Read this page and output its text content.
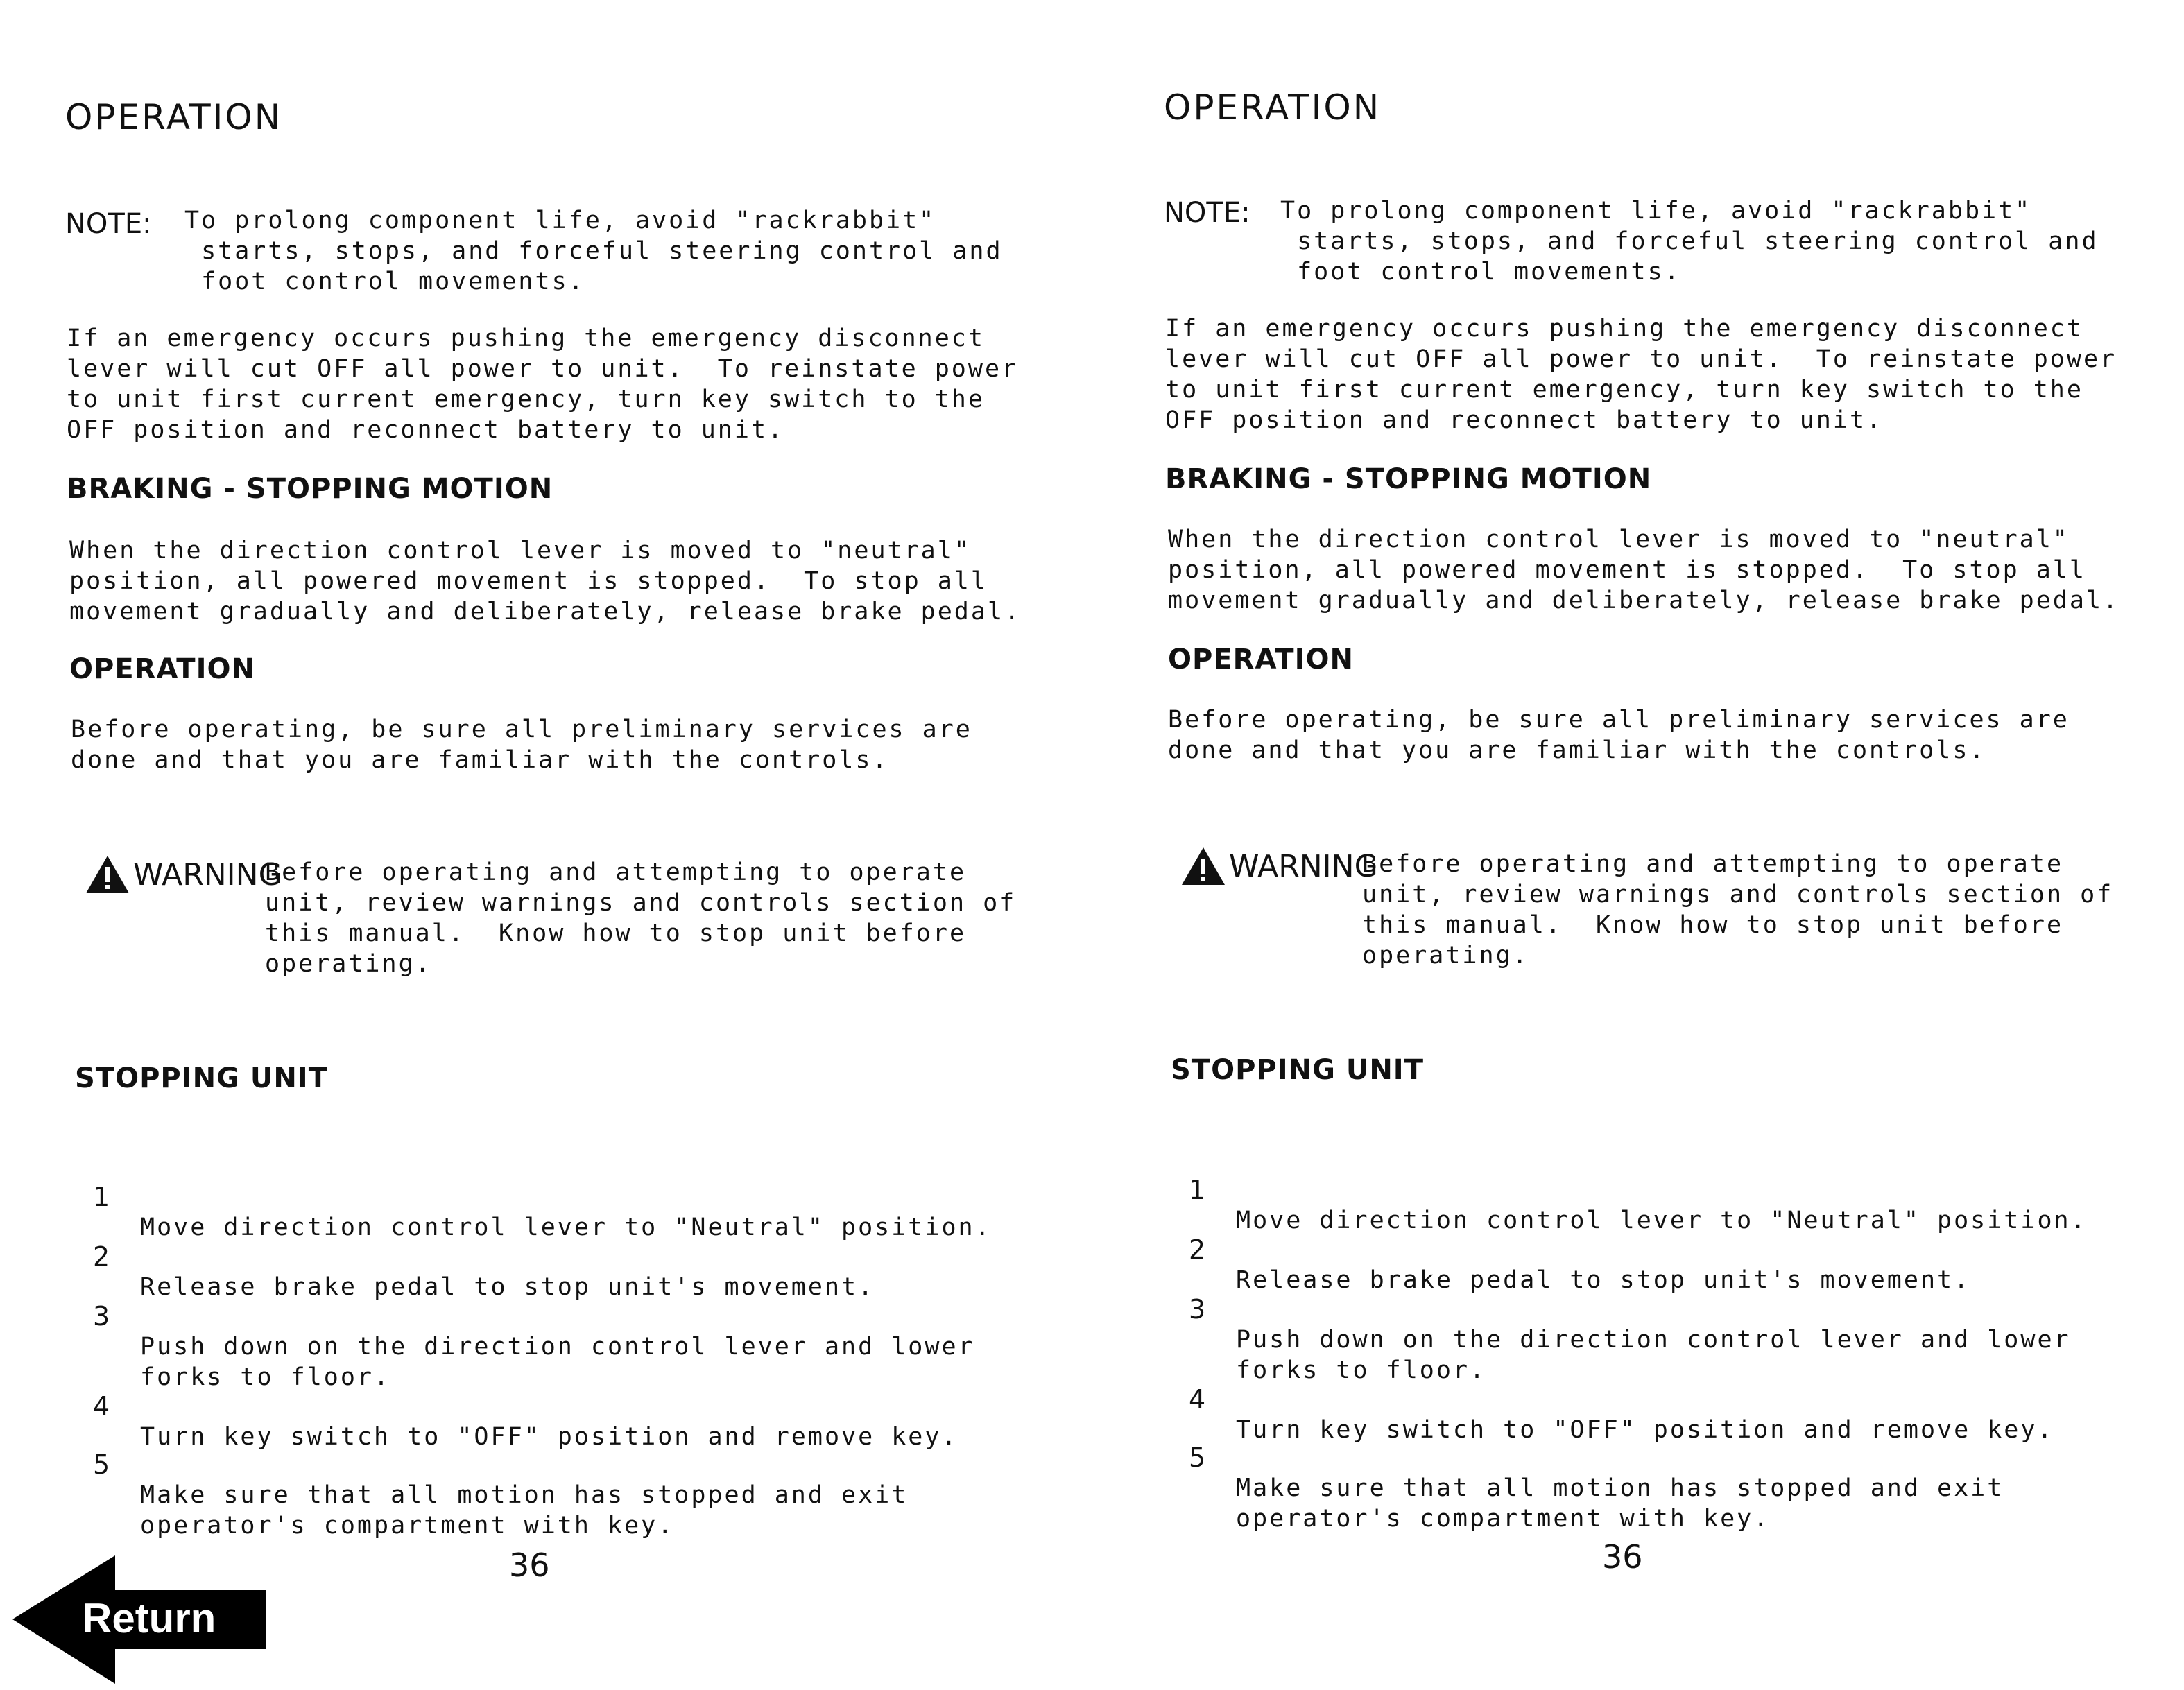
OPERATION
NOTE: To prolong component life, avoid "rackrabbit"
starts, stops, and forceful steering control and
foot control movements.
If an emergency occurs pushing the emergency disconnect
lever will cut OFF all power to unit.  To reinstate power
to unit first current emergency, turn key switch to the
OFF position and reconnect battery to unit.
BRAKING - STOPPING MOTION
When the direction control lever is moved to "neutral"
position, all powered movement is stopped.  To stop all
movement gradually and deliberately, release brake pedal.
OPERATION
Before operating, be sure all preliminary services are
done and that you are familiar with the controls.
WARNING
Before operating and attempting to operate
unit, review warnings and controls section of
this manual.  Know how to stop unit before
operating.
STOPPING UNIT

1

Move direction control lever to "Neutral" position.

2

Release brake pedal to stop unit's movement.

3

Push down on the direction control lever and lower
forks to floor.

4

Turn key switch to "OFF" position and remove key.

5

Make sure that all motion has stopped and exit
operator's compartment with key.

36
OPERATION
NOTE: To prolong component life, avoid "rackrabbit"
starts, stops, and forceful steering control and
foot control movements.
If an emergency occurs pushing the emergency disconnect
lever will cut OFF all power to unit.  To reinstate power
to unit first current emergency, turn key switch to the
OFF position and reconnect battery to unit.
BRAKING - STOPPING MOTION
When the direction control lever is moved to "neutral"
position, all powered movement is stopped.  To stop all
movement gradually and deliberately, release brake pedal.
OPERATION
Before operating, be sure all preliminary services are
done and that you are familiar with the controls.
WARNING
Before operating and attempting to operate
unit, review warnings and controls section of
this manual.  Know how to stop unit before
operating.
STOPPING UNIT

1

Move direction control lever to "Neutral" position.

2

Release brake pedal to stop unit's movement.

3

Push down on the direction control lever and lower
forks to floor.

4

Turn key switch to "OFF" position and remove key.

5

Make sure that all motion has stopped and exit
operator's compartment with key.

36
Return
